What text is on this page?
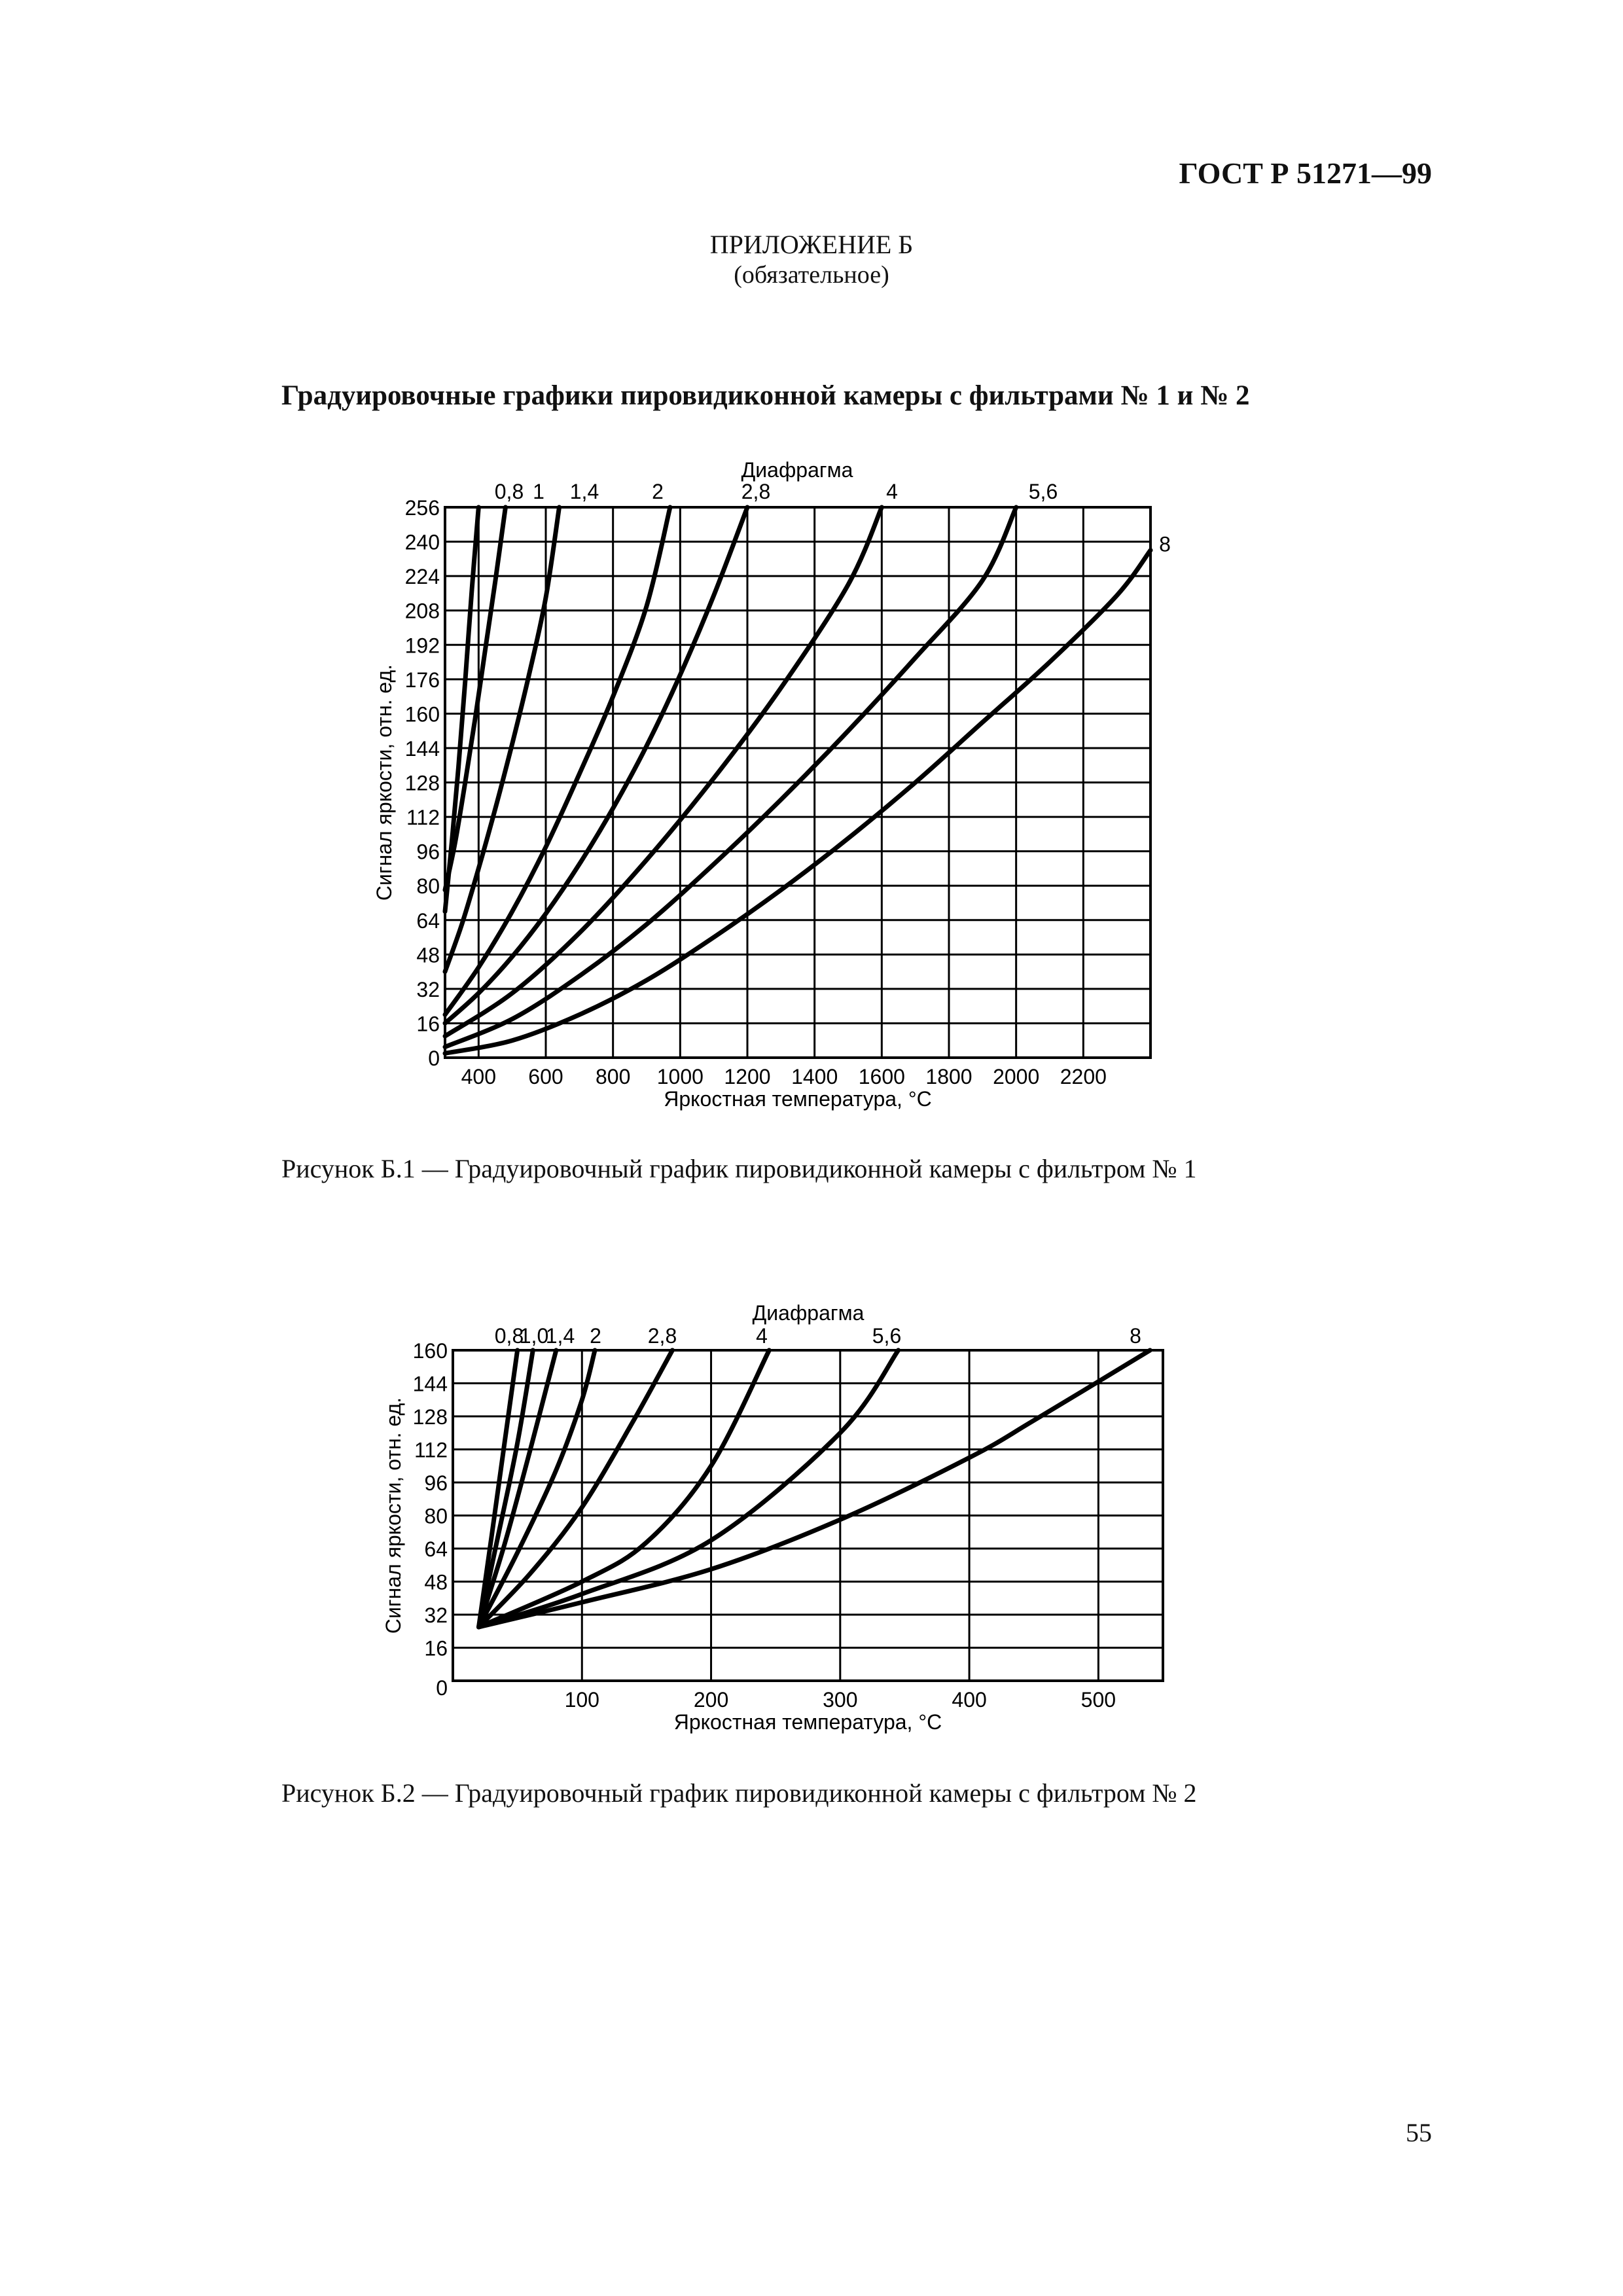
ГОСТ Р 51271—99
ПРИЛОЖЕНИЕ Б
(обязательное)
Градуировочные графики пировидиконной камеры с фильтрами № 1 и № 2
0
16
32
48
64
80
96
112
128
144
160
176
192
208
224
240
256
400 600 800 1000 1200 1400 1600 1800 2000 2200
Яркостная температура, °С
Сигнал яркости, отн. ед.
Диафрагма
0,8 1 1,4	2	2,8	4	5,6
8
Рисунок Б.1 — Градуировочный график пировидиконной камеры с фильтром № 1
0
16
32
48
64
80
96
112
128
144
160
100	200	300	400	500
Яркостная температура, °С
Сигнал яркости, отн. ед.
Диафрагма
0,8
1,0
1,4 2 2,8	4	5,6	8
Рисунок Б.2 — Градуировочный график пировидиконной камеры с фильтром № 2
55
